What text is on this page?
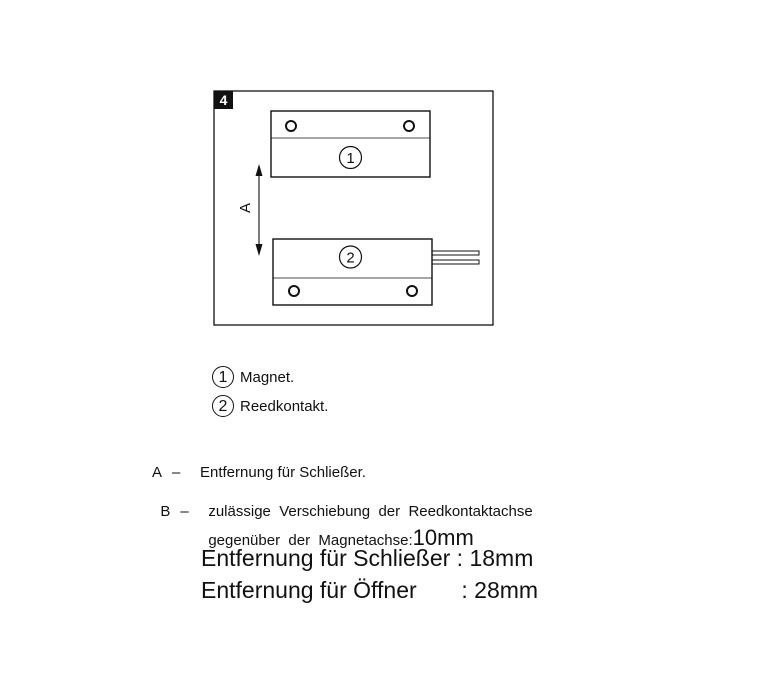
4
1
2
A
1 Magnet.
2 Reedkontakt.
A – Entfernung für Schließer.

B – zulässige  Verschiebung  der  Reedkontaktachse

gegenüber  der  Magnetachse:10mm

Entfernung für Schließer : 18mm
Entfernung für Öffner       : 28mm
